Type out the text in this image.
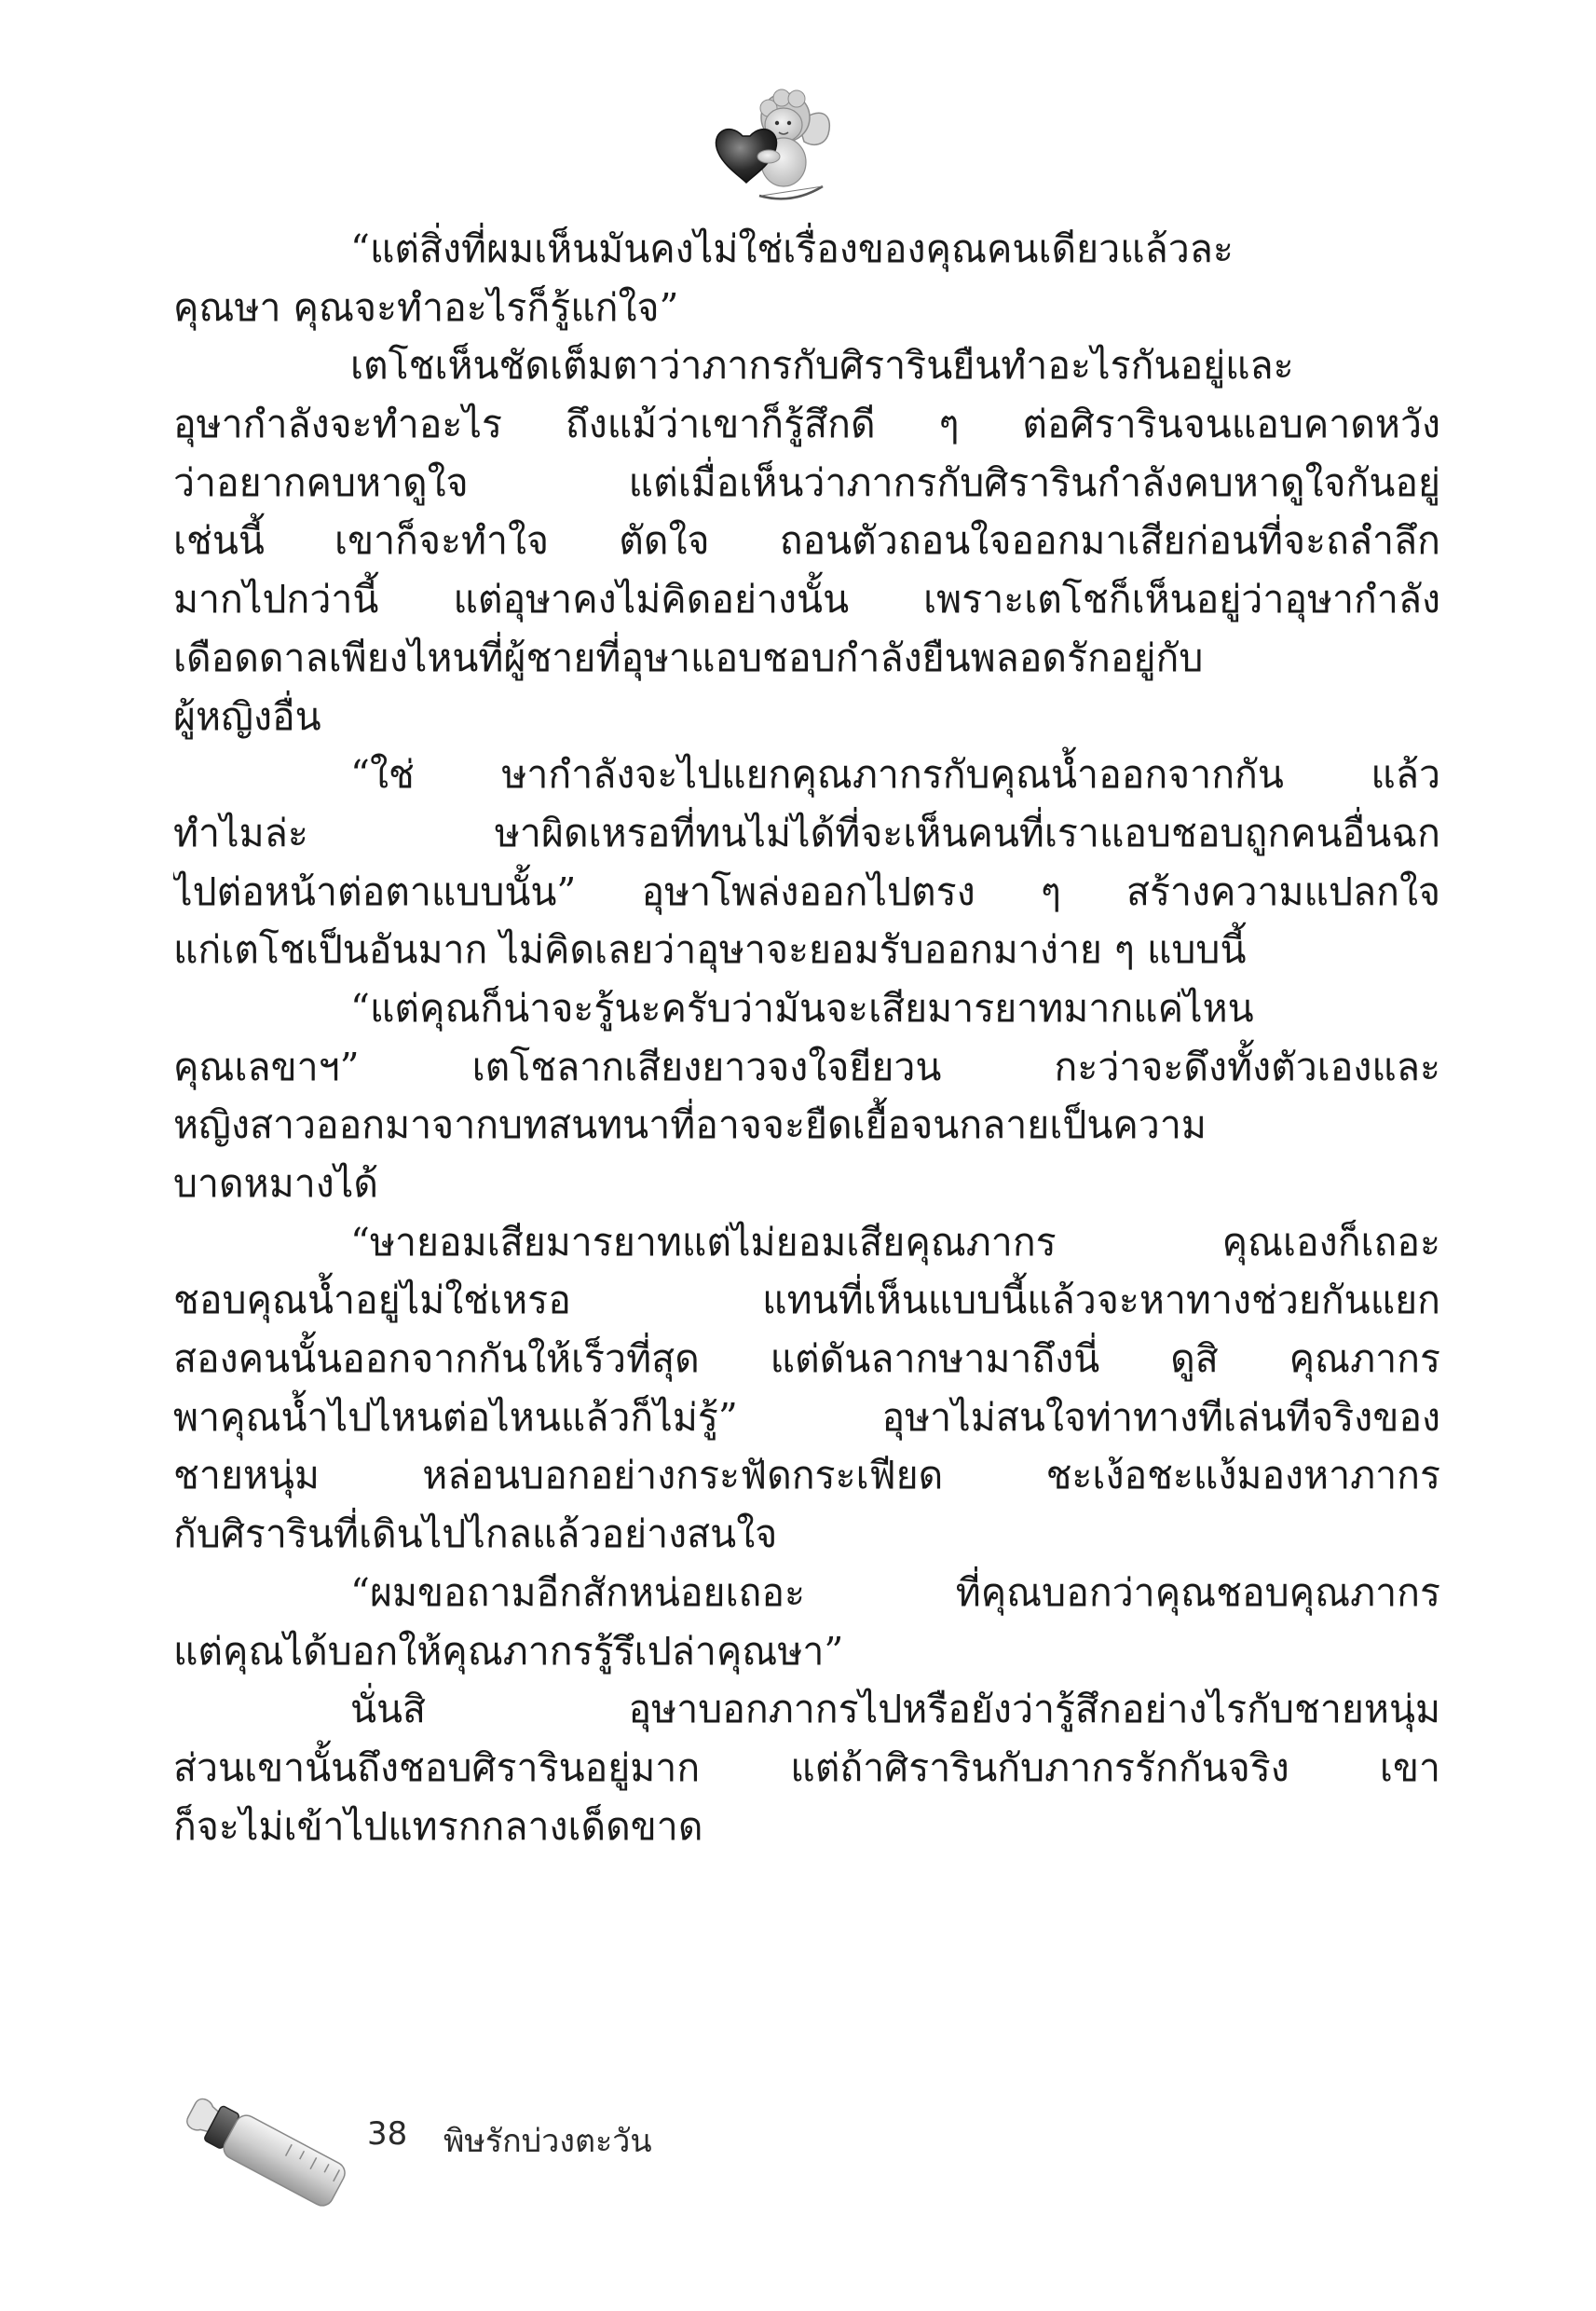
“แต่สิ่งที่ผมเห็นมันคงไม่ใช่เรื่องของคุณคนเดียวแล้วละ
คุณษา คุณจะทำอะไรก็รู้แก่ใจ”
เตโชเห็นชัดเต็มตาว่าภากรกับศิรารินยืนทำอะไรกันอยู่และ
อุษากำลังจะทำอะไร ถึงแม้ว่าเขาก็รู้สึกดี ๆ ต่อศิรารินจนแอบคาดหวัง
ว่าอยากคบหาดูใจ แต่เมื่อเห็นว่าภากรกับศิรารินกำลังคบหาดูใจกันอยู่
เช่นนี้ เขาก็จะทำใจ ตัดใจ ถอนตัวถอนใจออกมาเสียก่อนที่จะถลำลึก
มากไปกว่านี้ แต่อุษาคงไม่คิดอย่างนั้น เพราะเตโชก็เห็นอยู่ว่าอุษากำลัง
เดือดดาลเพียงไหนที่ผู้ชายที่อุษาแอบชอบกำลังยืนพลอดรักอยู่กับ
ผู้หญิงอื่น
“ใช่ ษากำลังจะไปแยกคุณภากรกับคุณน้ำออกจากกัน แล้ว
ทำไมล่ะ ษาผิดเหรอที่ทนไม่ได้ที่จะเห็นคนที่เราแอบชอบถูกคนอื่นฉก
ไปต่อหน้าต่อตาแบบนั้น” อุษาโพล่งออกไปตรง ๆ สร้างความแปลกใจ
แก่เตโชเป็นอันมาก ไม่คิดเลยว่าอุษาจะยอมรับออกมาง่าย ๆ แบบนี้
“แต่คุณก็น่าจะรู้นะครับว่ามันจะเสียมารยาทมากแค่ไหน
คุณเลขาฯ” เตโชลากเสียงยาวจงใจยียวน กะว่าจะดึงทั้งตัวเองและ
หญิงสาวออกมาจากบทสนทนาที่อาจจะยืดเยื้อจนกลายเป็นความ
บาดหมางได้
“ษายอมเสียมารยาทแต่ไม่ยอมเสียคุณภากร คุณเองก็เถอะ
ชอบคุณน้ำอยู่ไม่ใช่เหรอ แทนที่เห็นแบบนี้แล้วจะหาทางช่วยกันแยก
สองคนนั้นออกจากกันให้เร็วที่สุด แต่ดันลากษามาถึงนี่ ดูสิ คุณภากร
พาคุณน้ำไปไหนต่อไหนแล้วก็ไม่รู้” อุษาไม่สนใจท่าทางทีเล่นทีจริงของ
ชายหนุ่ม หล่อนบอกอย่างกระฟัดกระเฟียด ชะเง้อชะแง้มองหาภากร
กับศิรารินที่เดินไปไกลแล้วอย่างสนใจ
“ผมขอถามอีกสักหน่อยเถอะ ที่คุณบอกว่าคุณชอบคุณภากร
แต่คุณได้บอกให้คุณภากรรู้รึเปล่าคุณษา”
นั่นสิ อุษาบอกภากรไปหรือยังว่ารู้สึกอย่างไรกับชายหนุ่ม
ส่วนเขานั้นถึงชอบศิรารินอยู่มาก แต่ถ้าศิรารินกับภากรรักกันจริง เขา
ก็จะไม่เข้าไปแทรกกลางเด็ดขาด
38 พิษรักบ่วงตะวัน
